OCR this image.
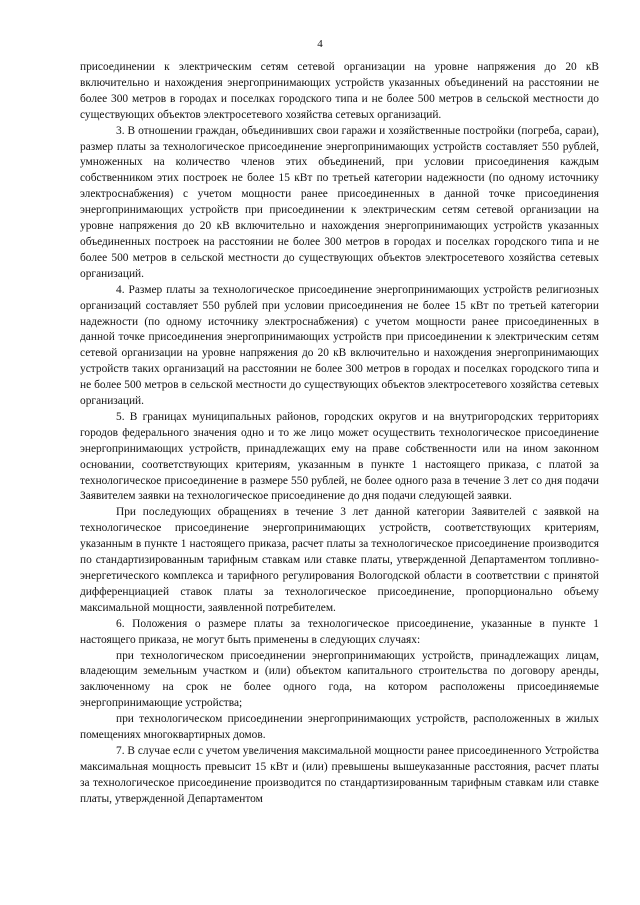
4

присоединении к электрическим сетям сетевой организации на уровне напряжения до 20 кВ включительно и нахождения энергопринимающих устройств указанных объединений на расстоянии не более 300 метров в городах и поселках городского типа и не более 500 метров в сельской местности до существующих объектов электросетевого хозяйства сетевых организаций.

3. В отношении граждан, объединивших свои гаражи и хозяйственные постройки (погреба, сараи), размер платы за технологическое присоединение энергопринимающих устройств составляет 550 рублей, умноженных на количество членов этих объединений, при условии присоединения каждым собственником этих построек не более 15 кВт по третьей категории надежности (по одному источнику электроснабжения) с учетом мощности ранее присоединенных в данной точке присоединения энергопринимающих устройств при присоединении к электрическим сетям сетевой организации на уровне напряжения до 20 кВ включительно и нахождения энергопринимающих устройств указанных объединенных построек на расстоянии не более 300 метров в городах и поселках городского типа и не более 500 метров в сельской местности до существующих объектов электросетевого хозяйства сетевых организаций.

4. Размер платы за технологическое присоединение энергопринимающих устройств религиозных организаций составляет 550 рублей при условии присоединения не более 15 кВт по третьей категории надежности (по одному источнику электроснабжения) с учетом мощности ранее присоединенных в данной точке присоединения энергопринимающих устройств при присоединении к электрическим сетям сетевой организации на уровне напряжения до 20 кВ включительно и нахождения энергопринимающих устройств таких организаций на расстоянии не более 300 метров в городах и поселках городского типа и не более 500 метров в сельской местности до существующих объектов электросетевого хозяйства сетевых организаций.

5. В границах муниципальных районов, городских округов и на внутригородских территориях городов федерального значения одно и то же лицо может осуществить технологическое присоединение энергопринимающих устройств, принадлежащих ему на праве собственности или на ином законном основании, соответствующих критериям, указанным в пункте 1 настоящего приказа, с платой за технологическое присоединение в размере 550 рублей, не более одного раза в течение 3 лет со дня подачи Заявителем заявки на технологическое присоединение до дня подачи следующей заявки.

При последующих обращениях в течение 3 лет данной категории Заявителей с заявкой на технологическое присоединение энергопринимающих устройств, соответствующих критериям, указанным в пункте 1 настоящего приказа, расчет платы за технологическое присоединение производится по стандартизированным тарифным ставкам или ставке платы, утвержденной Департаментом топливно-энергетического комплекса и тарифного регулирования Вологодской области в соответствии с принятой дифференциацией ставок платы за технологическое присоединение, пропорционально объему максимальной мощности, заявленной потребителем.

6. Положения о размере платы за технологическое присоединение, указанные в пункте 1 настоящего приказа, не могут быть применены в следующих случаях:

при технологическом присоединении энергопринимающих устройств, принадлежащих лицам, владеющим земельным участком и (или) объектом капитального строительства по договору аренды, заключенному на срок не более одного года, на котором расположены присоединяемые энергопринимающие устройства;

при технологическом присоединении энергопринимающих устройств, расположенных в жилых помещениях многоквартирных домов.

7. В случае если с учетом увеличения максимальной мощности ранее присоединенного Устройства максимальная мощность превысит 15 кВт и (или) превышены вышеуказанные расстояния, расчет платы за технологическое присоединение производится по стандартизированным тарифным ставкам или ставке платы, утвержденной Департаментом
